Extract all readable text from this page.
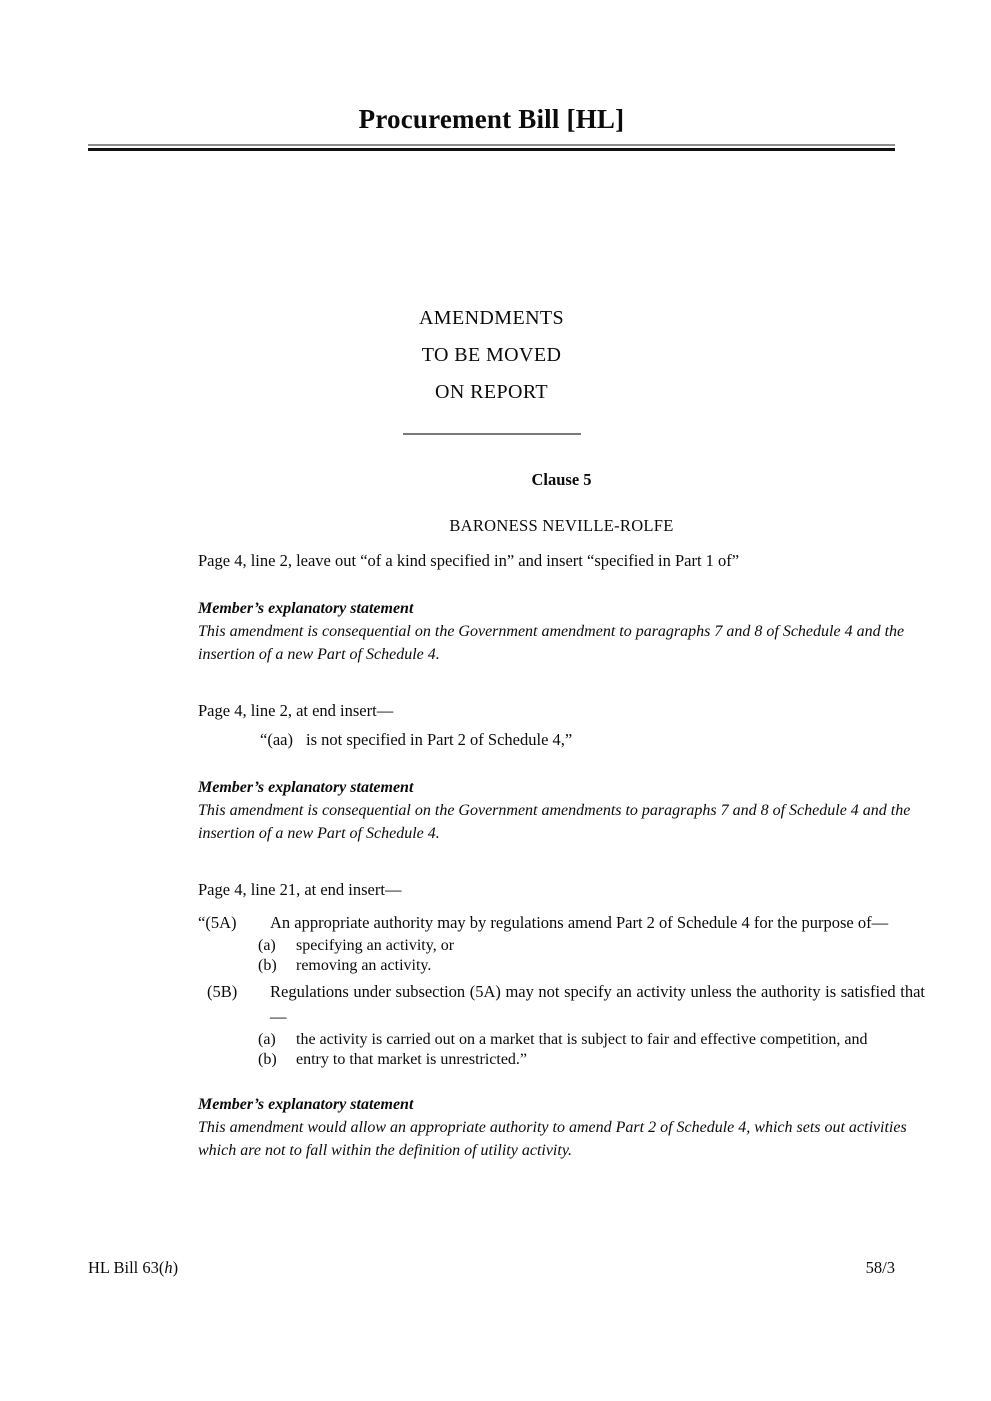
Procurement Bill [HL]
AMENDMENTS
TO BE MOVED
ON REPORT
Clause 5
BARONESS NEVILLE-ROLFE

Page 4, line 2, leave out “of a kind specified in” and insert “specified in Part 1 of”

Member’s explanatory statement

This amendment is consequential on the Government amendment to paragraphs 7 and 8 of Schedule 4 and the insertion of a new Part of Schedule 4.

Page 4, line 2, at end insert—

“(aa) is not specified in Part 2 of Schedule 4,”

Member’s explanatory statement

This amendment is consequential on the Government amendments to paragraphs 7 and 8 of Schedule 4 and the insertion of a new Part of Schedule 4.

Page 4, line 21, at end insert—

“(5A)	An appropriate authority may by regulations amend Part 2 of Schedule 4 for the purpose of—

(a)	specifying an activity, or
(b)	removing an activity.
(5B)	Regulations under subsection (5A) may not specify an activity unless the authority is satisfied that—

(a)	the activity is carried out on a market that is subject to fair and effective competition, and
(b)	entry to that market is unrestricted.”

Member’s explanatory statement

This amendment would allow an appropriate authority to amend Part 2 of Schedule 4, which sets out activities which are not to fall within the definition of utility activity.

HL Bill 63(h)	58/3
